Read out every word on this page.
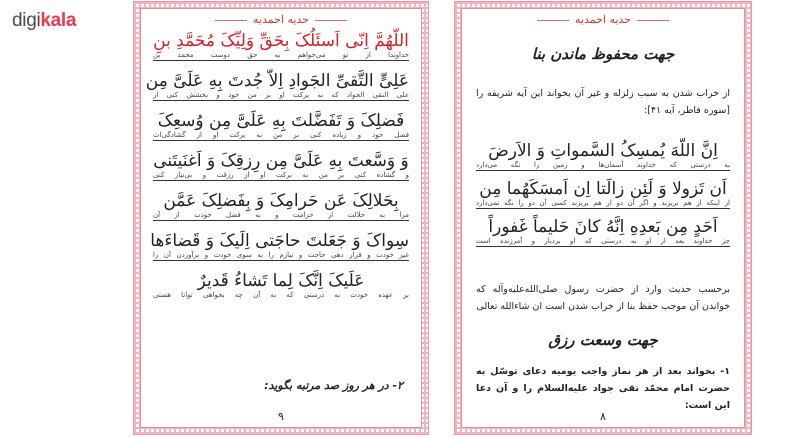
digikala	حدیه احمدیه
اللّهُمَّ اِنّی اَسئَلُکَ بِحَقِّ وَلِیِّکَ مُحَمَّدِ بنِ
خداوندا از تو می‌خواهم به حق دوست محمد بن
عَلِیٍّ التَّقیِّ الجَوادِ اِلاّ جُدتَ بِهِ عَلَیَّ مِن
علی النقی الجواد که به برکت او بر من جود و بخشش کنی از
فَضلِکَ وَ تَفَضَّلتَ بِهِ عَلَیَّ مِن وُسعِکَ
فضل خود و زیاده کنی بر من به برکت او از گشادگی‌ات
وَ وَسَّعتَ بِهِ عَلَیَّ مِن رِزقِکَ وَ اَغنَیتَنی
و گشاده کنی بر من به برکت او از رزقت و بی‌نیاز کنی
بِحَلالِکَ عَن حَرامِکَ وَ بِفَضلِکَ عَمَّن
مرا به حلالت از حرامت و به فضل خودت از آن
سِواکَ وَ جَعَلتَ حاجَتی اِلَیکَ وَ قَضاءَها
غیر خودت و قرار دهی حاجت و نیازم را به سوی خودت و برآوردن آن را
عَلَیکَ اِنَّکَ لِما تَشاءُ قَدیرٌ
بر عهده خودت به درستی که به آن چه بخواهی توانا هستی
۲- در هر روز صد مرتبه بگوید:
۹
حدیه احمدیه
جهت محفوظ ماندن بنا
از خراب شدن به سبب زلزله و غیر آن بخواند این آیه شریفه را [سوره فاطر، آیه ۴۱]:
اِنَّ اللّهَ یُمسِکُ السَّمواتِ وَ الاَرضَ
به درستی که خداوند آسمان‌ها و زمین را نگه می‌دارد
اَن تَزولا وَ لَئِن زالَتا اِن اَمسَکَهُما مِن
از اینکه از هم بریزند و اگر آن دو از هم بریزند کسی آن دو را نگه نمی‌دارد
اَحَدٍ مِن بَعدِهِ اِنَّهُ کانَ حَلیماً غَفوراً
جز خداوند بعد از او به درستی که او بردبار و آمرزنده است
برحسب حدیث وارد از حضرت رسول صلی‌الله‌علیه‌وآله که خواندن آن موجب حفظ بنا از خراب شدن است ان شاءالله تعالی
جهت وسعت رزق
۱- بخواند بعد از هر نماز واجب یومیه دعای توسّل به حضرت امام محمّد تقی جواد علیه‌السلام را و آن دعا این است:
۸
